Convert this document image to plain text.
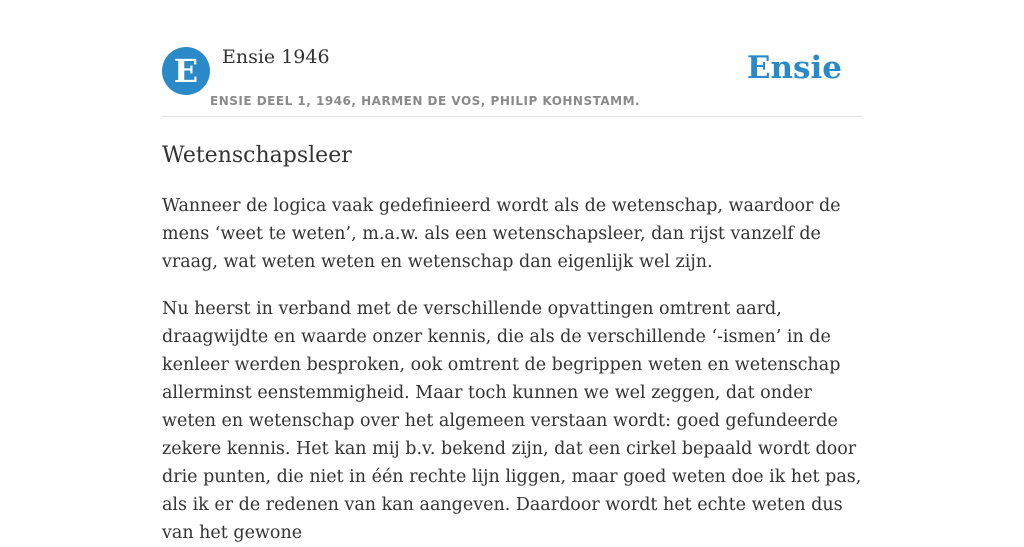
E	Ensie 1946
ENSIE DEEL 1, 1946, HARMEN DE VOS, PHILIP KOHNSTAMM.
Ensie
Wetenschapsleer

Wanneer de logica vaak gedefinieerd wordt als de wetenschap, waardoor de mens ‘weet te weten’, m.a.w. als een wetenschapsleer, dan rijst vanzelf de vraag, wat weten weten en wetenschap dan eigenlijk wel zijn.

Nu heerst in verband met de verschillende opvattingen omtrent aard, draagwijdte en waarde onzer kennis, die als de verschillende ‘-ismen’ in de kenleer werden besproken, ook omtrent de begrippen weten en wetenschap allerminst eenstemmigheid. Maar toch kunnen we wel zeggen, dat onder weten en wetenschap over het algemeen verstaan wordt: goed gefundeerde zekere kennis. Het kan mij b.v. bekend zijn, dat een cirkel bepaald wordt door drie punten, die niet in één rechte lijn liggen, maar goed weten doe ik het pas, als ik er de redenen van kan aangeven. Daardoor wordt het echte weten dus van het gewone
